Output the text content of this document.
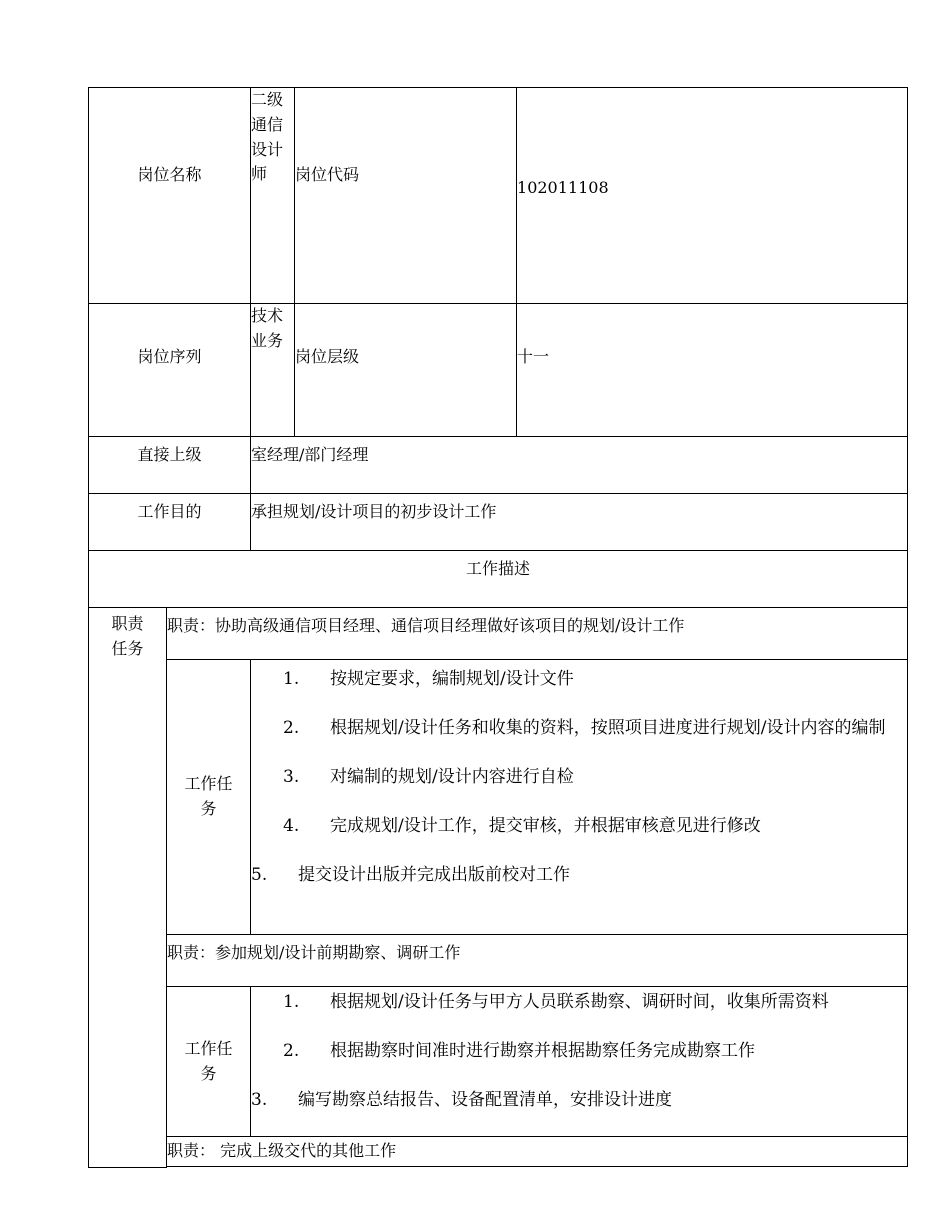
岗位名称		二级通信设计师	岗位代码	102011108
岗位序列		技术业务	岗位层级	十一
直接上级		室经理/部门经理		
工作目的		承担规划/设计项目的初步设计工作		
工作描述				

职责任务	职责：协助高级通信项目经理、通信项目经理做好该项目的规划/设计工作			

	工作任务	1. 按规定要求，编制规划/设计文件
2. 根据规划/设计任务和收集的资料，按照项目进度进行规划/设计内容的编制
3. 对编制的规划/设计内容进行自检
4. 完成规划/设计工作，提交审核，并根据审核意见进行修改
5. 提交设计出版并完成出版前校对工作		

	职责：参加规划/设计前期勘察、调研工作			

	工作任务	1. 根据规划/设计任务与甲方人员联系勘察、调研时间，收集所需资料
2. 根据勘察时间准时进行勘察并根据勘察任务完成勘察工作
3. 编写勘察总结报告、设备配置清单，安排设计进度		

	职责： 完成上级交代的其他工作			
